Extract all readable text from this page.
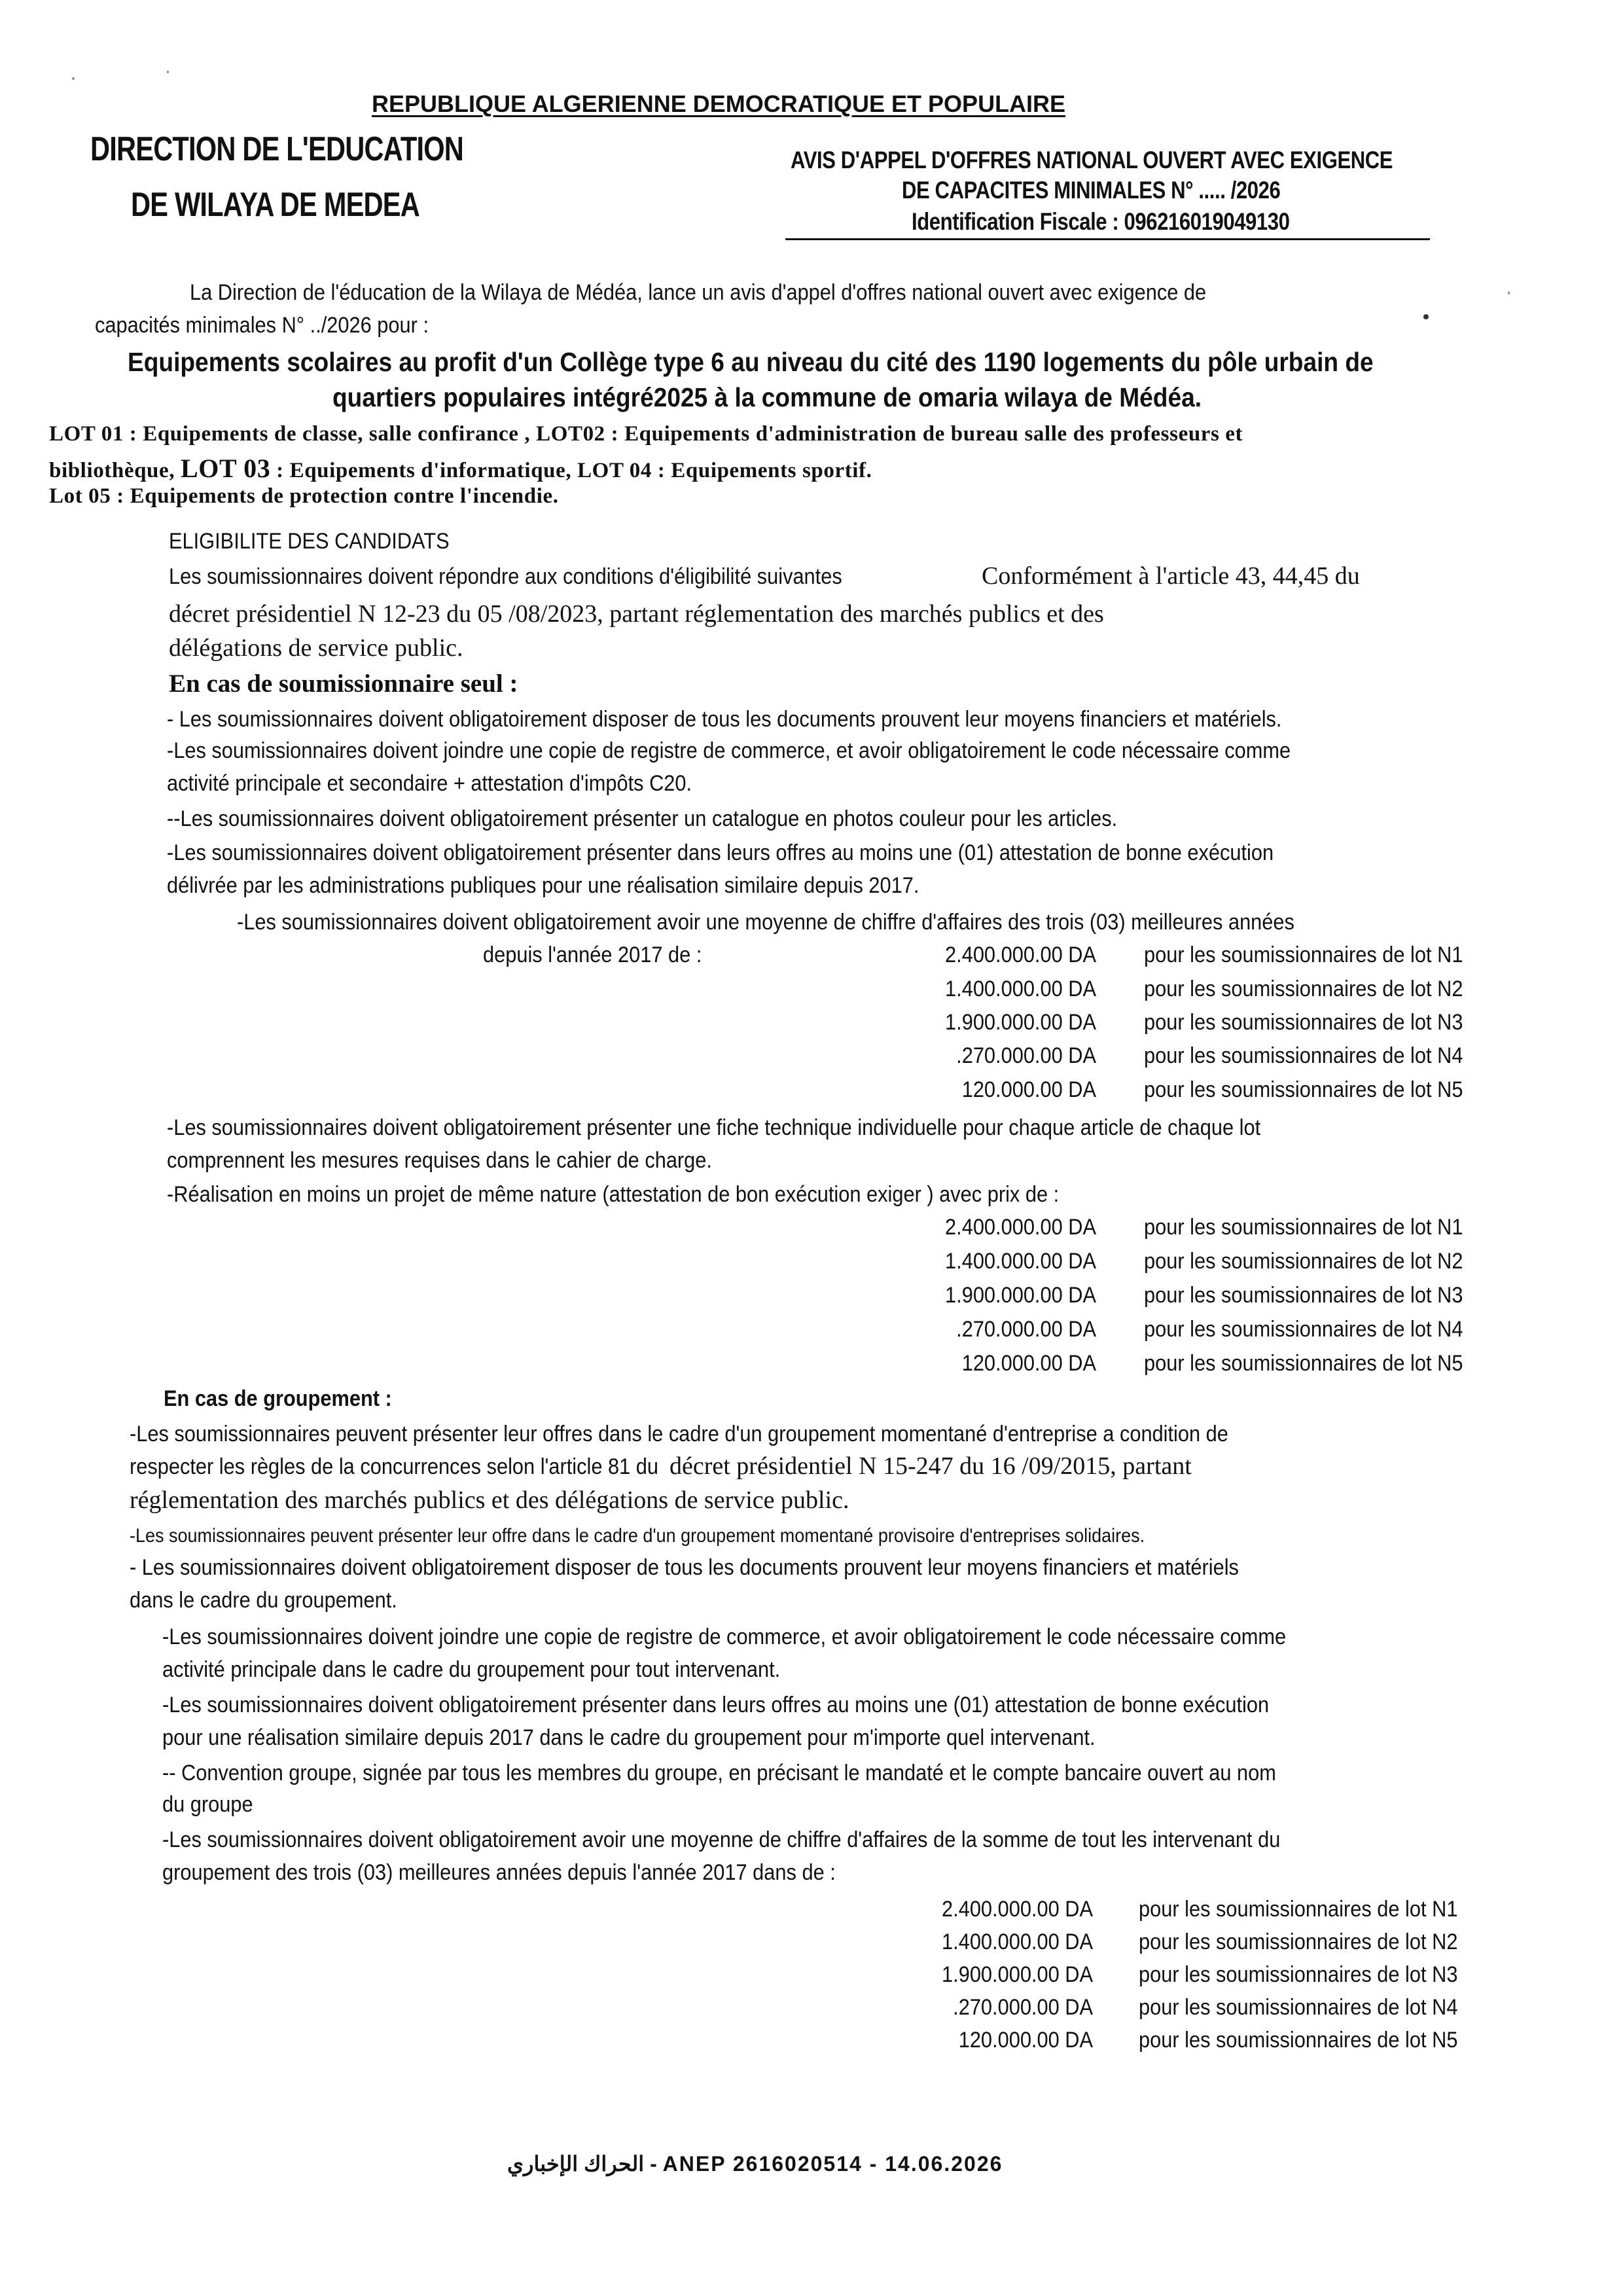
REPUBLIQUE ALGERIENNE DEMOCRATIQUE ET POPULAIRE
DIRECTION DE L'EDUCATION
DE WILAYA DE MEDEA
AVIS D'APPEL D'OFFRES NATIONAL OUVERT AVEC EXIGENCE
DE CAPACITES MINIMALES N° ..... /2026
Identification Fiscale : 096216019049130
La Direction de l'éducation de la Wilaya de Médéa, lance un avis d'appel d'offres national ouvert avec exigence de
capacités minimales N° ../2026 pour :
Equipements scolaires au profit d'un Collège type 6 au niveau du cité des 1190 logements du pôle urbain de
quartiers populaires intégré2025 à la commune de omaria wilaya de Médéa.
LOT 01 : Equipements de classe, salle confirance , LOT02 : Equipements d'administration de bureau salle des professeurs et
bibliothèque, LOT 03 : Equipements d'informatique, LOT 04 : Equipements sportif.
Lot 05 : Equipements de protection contre l'incendie.
ELIGIBILITE DES CANDIDATS
Les soumissionnaires doivent répondre aux conditions d'éligibilité suivantes	Conformément à l'article 43, 44,45 du
décret présidentiel N 12-23 du 05 /08/2023, partant réglementation des marchés publics et des
délégations de service public.
En cas de soumissionnaire seul :
- Les soumissionnaires doivent obligatoirement disposer de tous les documents prouvent leur moyens financiers et matériels.
-Les soumissionnaires doivent joindre une copie de registre de commerce, et avoir obligatoirement le code nécessaire comme
activité principale et secondaire + attestation d'impôts C20.
--Les soumissionnaires doivent obligatoirement présenter un catalogue en photos couleur pour les articles.
-Les soumissionnaires doivent obligatoirement présenter dans leurs offres au moins une (01) attestation de bonne exécution
délivrée par les administrations publiques pour une réalisation similaire depuis 2017.
-Les soumissionnaires doivent obligatoirement avoir une moyenne de chiffre d'affaires des trois (03) meilleures années
depuis l'année 2017 de :	2.400.000.00 DA pour les soumissionnaires de lot N1
1.400.000.00 DA pour les soumissionnaires de lot N2
1.900.000.00 DA pour les soumissionnaires de lot N3
.270.000.00 DA pour les soumissionnaires de lot N4
120.000.00 DA pour les soumissionnaires de lot N5
-Les soumissionnaires doivent obligatoirement présenter une fiche technique individuelle pour chaque article de chaque lot
comprennent les mesures requises dans le cahier de charge.
-Réalisation en moins un projet de même nature (attestation de bon exécution exiger ) avec prix de :
2.400.000.00 DA pour les soumissionnaires de lot N1
1.400.000.00 DA pour les soumissionnaires de lot N2
1.900.000.00 DA pour les soumissionnaires de lot N3
.270.000.00 DA pour les soumissionnaires de lot N4
120.000.00 DA pour les soumissionnaires de lot N5
En cas de groupement :
-Les soumissionnaires peuvent présenter leur offres dans le cadre d'un groupement momentané d'entreprise a condition de
respecter les règles de la concurrences selon l'article 81 du décret présidentiel N 15-247 du 16 /09/2015, partant
réglementation des marchés publics et des délégations de service public.
-Les soumissionnaires peuvent présenter leur offre dans le cadre d'un groupement momentané provisoire d'entreprises solidaires.
- Les soumissionnaires doivent obligatoirement disposer de tous les documents prouvent leur moyens financiers et matériels
dans le cadre du groupement.
-Les soumissionnaires doivent joindre une copie de registre de commerce, et avoir obligatoirement le code nécessaire comme
activité principale dans le cadre du groupement pour tout intervenant.
-Les soumissionnaires doivent obligatoirement présenter dans leurs offres au moins une (01) attestation de bonne exécution
pour une réalisation similaire depuis 2017 dans le cadre du groupement pour m'importe quel intervenant.
-- Convention groupe, signée par tous les membres du groupe, en précisant le mandaté et le compte bancaire ouvert au nom
du groupe
-Les soumissionnaires doivent obligatoirement avoir une moyenne de chiffre d'affaires de la somme de tout les intervenant du
groupement des trois (03) meilleures années depuis l'année 2017 dans de :
2.400.000.00 DA pour les soumissionnaires de lot N1
1.400.000.00 DA pour les soumissionnaires de lot N2
1.900.000.00 DA pour les soumissionnaires de lot N3
.270.000.00 DA pour les soumissionnaires de lot N4
120.000.00 DA pour les soumissionnaires de lot N5
الحراك الإخباري - ANEP 2616020514 - 14.06.2026
